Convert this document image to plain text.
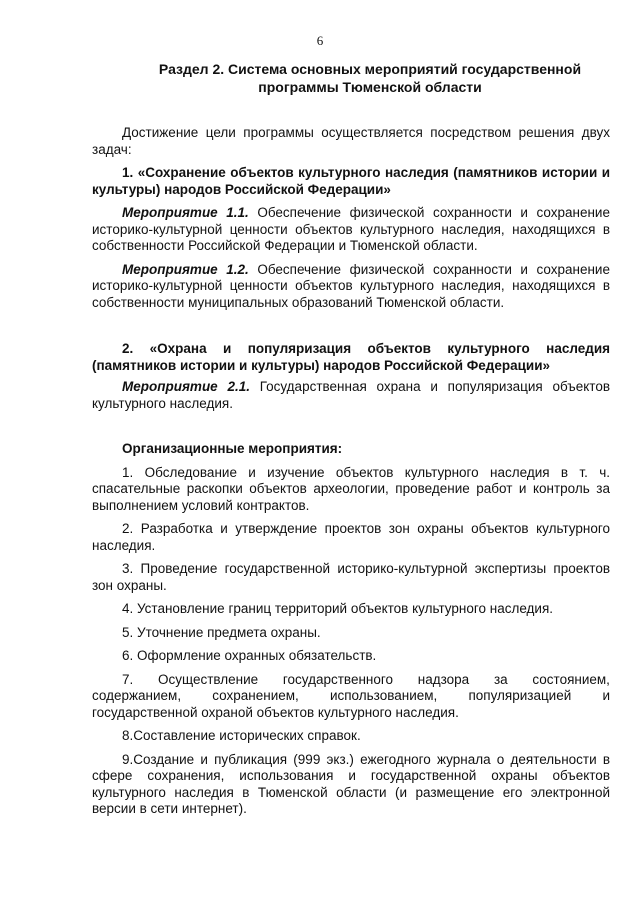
6
Раздел 2. Система основных мероприятий государственной
программы Тюменской области

Достижение цели программы осуществляется посредством решения двух задач:

1. «Сохранение объектов культурного наследия (памятников истории и культуры) народов Российской Федерации»

Мероприятие 1.1. Обеспечение физической сохранности и сохранение историко-культурной ценности объектов культурного наследия, находящихся в собственности Российской Федерации и Тюменской области.

Мероприятие 1.2. Обеспечение физической сохранности и сохранение историко-культурной ценности объектов культурного наследия, находящихся в собственности муниципальных образований Тюменской области.

2. «Охрана и популяризация объектов культурного наследия (памятников истории и культуры) народов Российской Федерации»

Мероприятие 2.1. Государственная охрана и популяризация объектов культурного наследия.

Организационные мероприятия:

1. Обследование и изучение объектов культурного наследия в т. ч. спасательные раскопки объектов археологии, проведение работ и контроль за выполнением условий контрактов.

2. Разработка и утверждение проектов зон охраны объектов культурного наследия.

3. Проведение государственной историко-культурной экспертизы проектов зон охраны.

4. Установление границ территорий объектов культурного наследия.

5. Уточнение предмета охраны.

6. Оформление охранных обязательств.

7. Осуществление государственного надзора за состоянием,
содержанием, сохранением, использованием, популяризацией и
государственной охраной объектов культурного наследия.

8.Составление исторических справок.

9.Создание и публикация (999 экз.) ежегодного журнала о деятельности в сфере сохранения, использования и государственной охраны объектов культурного наследия в Тюменской области (и размещение его электронной версии в сети интернет).
